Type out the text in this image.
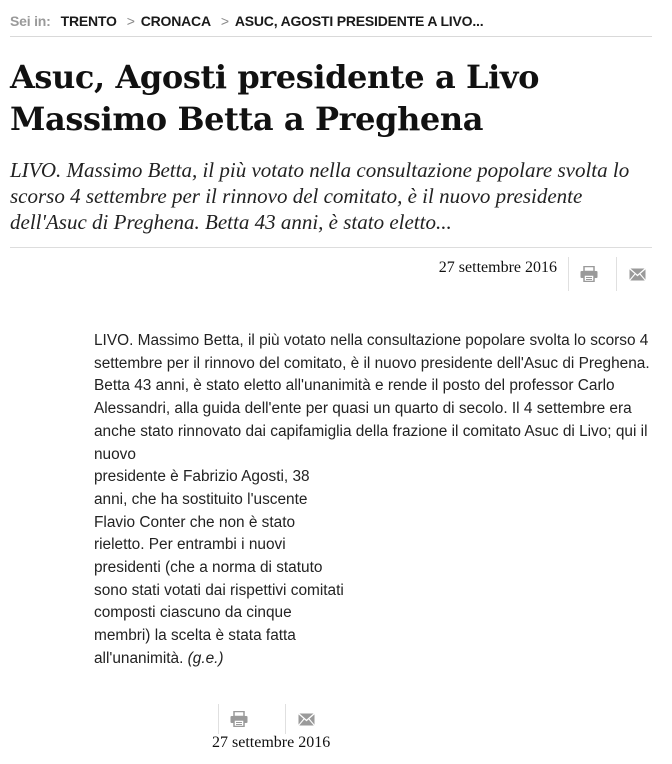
Sei in: TRENTO > CRONACA > ASUC, AGOSTI PRESIDENTE A LIVO...
Asuc, Agosti presidente a Livo
Massimo Betta a Preghena

LIVO. Massimo Betta, il più votato nella consultazione popolare svolta lo scorso 4 settembre per il rinnovo del comitato, è il nuovo presidente dell'Asuc di Preghena. Betta 43 anni, è stato eletto...

27 settembre 2016
LIVO. Massimo Betta, il più votato nella consultazione popolare svolta lo scorso 4 settembre per il rinnovo del comitato, è il nuovo presidente dell'Asuc di Preghena. Betta 43 anni, è stato eletto all'unanimità e rende il posto del professor Carlo Alessandri, alla guida dell'ente per quasi un quarto di secolo. Il 4 settembre era anche stato rinnovato dai capifamiglia della frazione il comitato Asuc di Livo; qui il nuovo
presidente è Fabrizio Agosti, 38 anni, che ha sostituito l'uscente Flavio Conter che non è stato rieletto. Per entrambi i nuovi presidenti (che a norma di statuto sono stati votati dai rispettivi comitati composti ciascuno da cinque membri) la scelta è stata fatta all'unanimità. (g.e.)
27 settembre 2016
